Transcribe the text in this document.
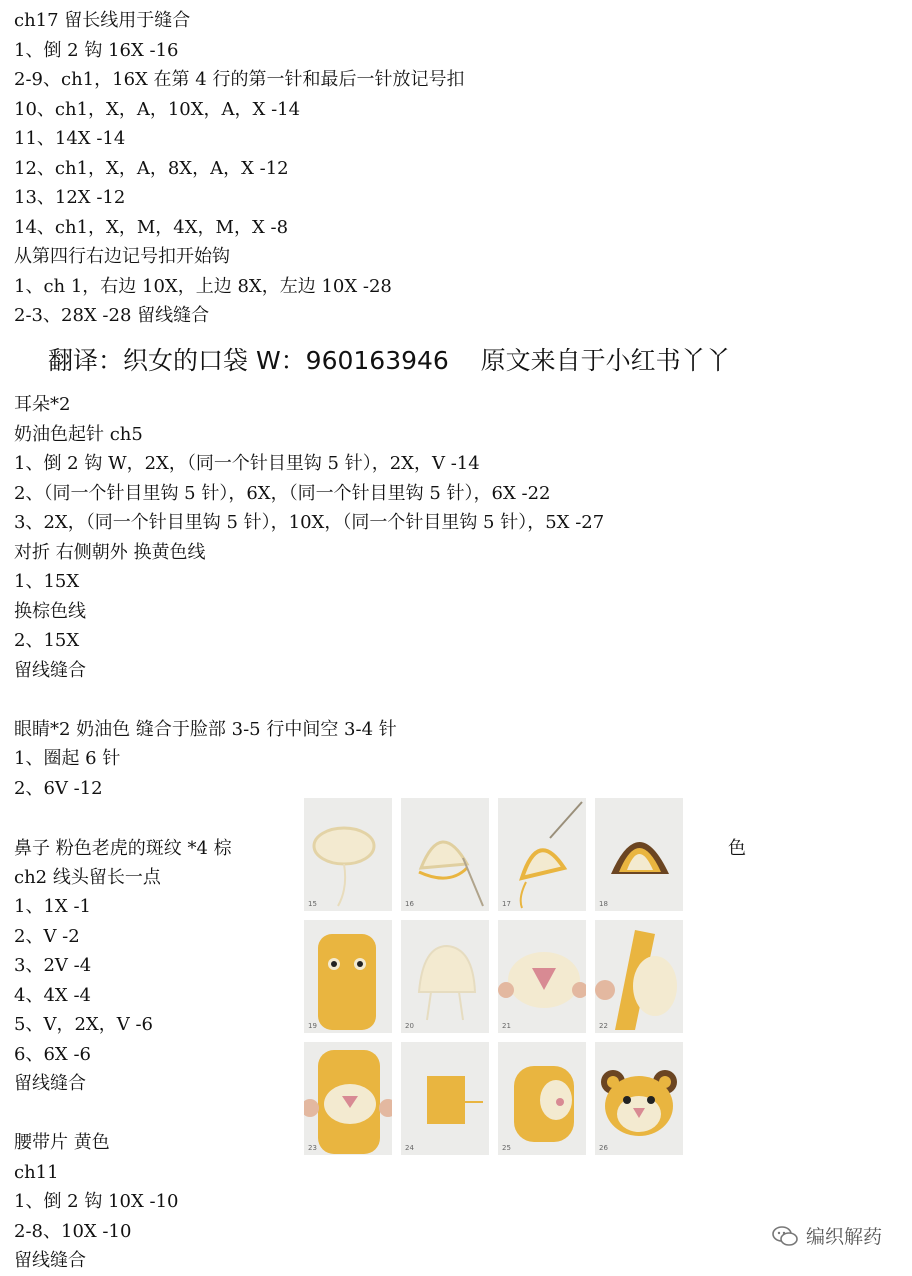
ch17 留长线用于缝合
1、倒 2 钩 16X -16
2-9、ch1，16X 在第 4 行的第一针和最后一针放记号扣
10、ch1，X，A，10X，A，X -14
11、14X -14
12、ch1，X，A，8X，A，X -12
13、12X -12
14、ch1，X，M，4X，M，X -8
从第四行右边记号扣开始钩
1、ch 1，右边 10X，上边 8X，左边 10X -28
2-3、28X -28 留线缝合
翻译：织女的口袋 W：960163946    原文来自于小红书丫丫
耳朵*2
奶油色起针 ch5
1、倒 2 钩 W，2X，（同一个针目里钩 5 针），2X，V -14
2、（同一个针目里钩 5 针），6X，（同一个针目里钩 5 针），6X -22
3、2X，（同一个针目里钩 5 针），10X，（同一个针目里钩 5 针），5X -27
对折 右侧朝外 换黄色线
1、15X
换棕色线
2、15X
留线缝合
眼睛*2 奶油色 缝合于脸部 3-5 行中间空 3-4 针
1、圈起 6 针
2、6V -12
鼻子 粉色老虎的斑纹 *4 棕
ch2 线头留长一点
1、1X -1
2、V -2
3、2V -4
4、4X -4
5、V，2X，V -6
6、6X -6
留线缝合
色
腰带片 黄色
ch11
1、倒 2 钩 10X -10
2-8、10X -10
留线缝合
15	16	17	18
19	20	21	22
23	24	25	26
编织解药
